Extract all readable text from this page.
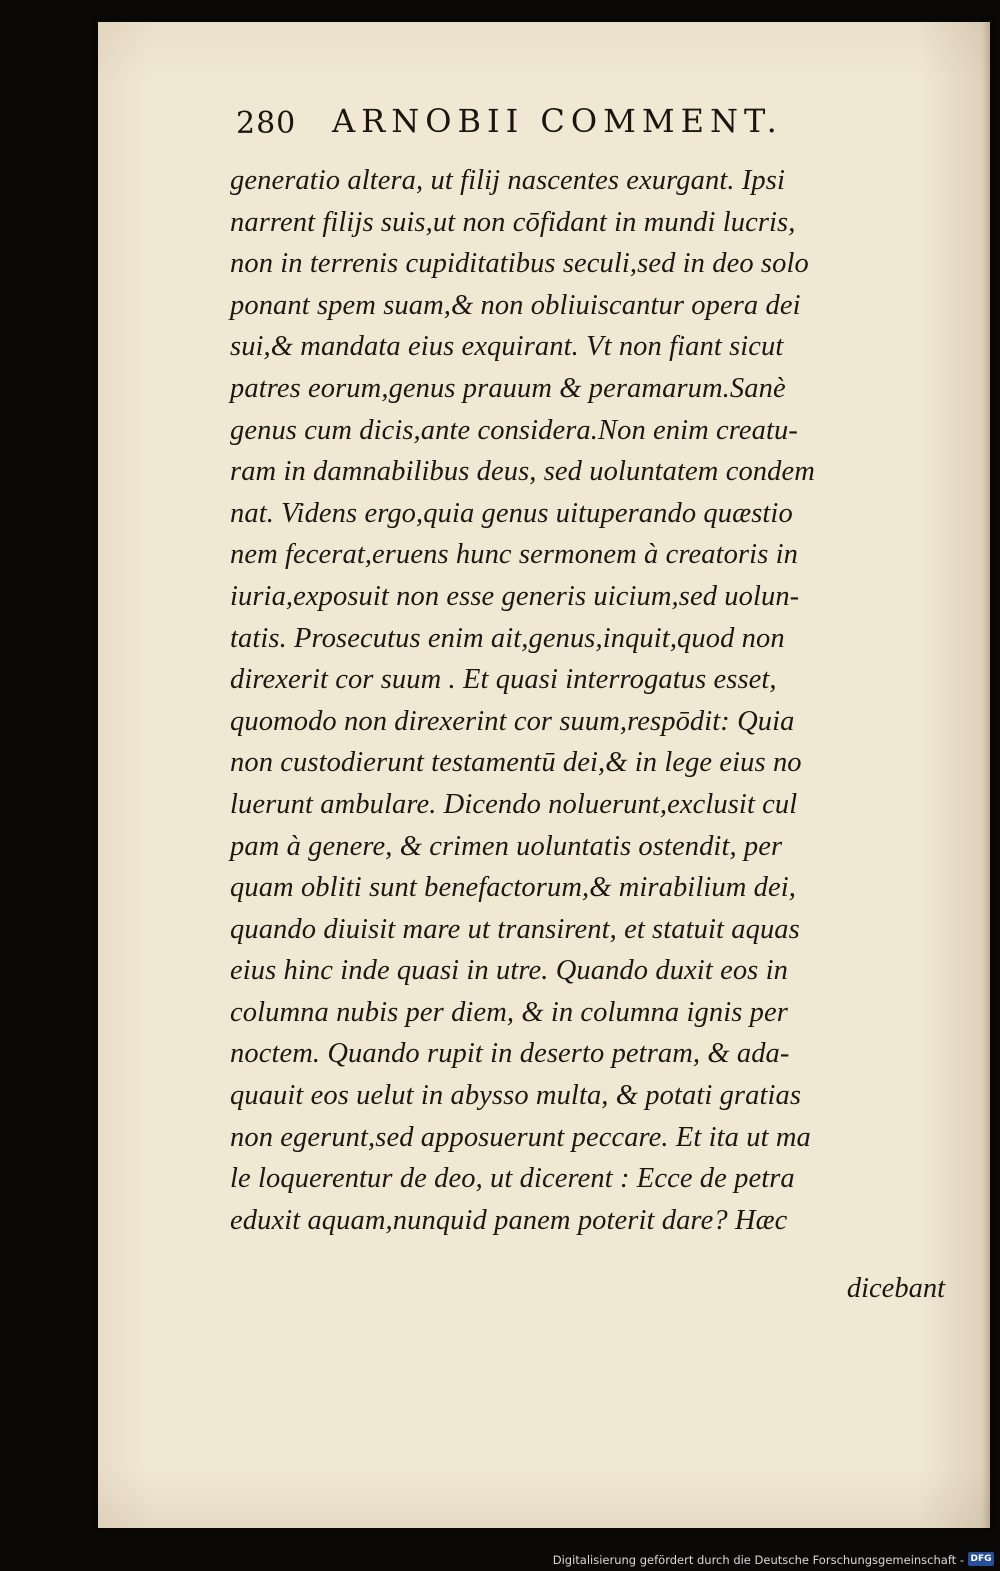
280 ARNOBII COMMENT.
generatio altera, ut filij nascentes exurgant. Ipsi
narrent filijs suis,ut non cōfidant in mundi lucris,
non in terrenis cupiditatibus seculi,sed in deo solo
ponant spem suam,& non obliuiscantur opera dei
sui,& mandata eius exquirant. Vt non fiant sicut
patres eorum,genus prauum & peramarum.Sanè
genus cum dicis,ante considera.Non enim creatu-
ram in damnabilibus deus, sed uoluntatem condem
nat. Videns ergo,quia genus uituperando quæstio
nem fecerat,eruens hunc sermonem à creatoris in
iuria,exposuit non esse generis uicium,sed uolun-
tatis. Prosecutus enim ait,genus,inquit,quod non
direxerit cor suum . Et quasi interrogatus esset,
quomodo non direxerint cor suum,respōdit: Quia
non custodierunt testamentū dei,& in lege eius no
luerunt ambulare. Dicendo noluerunt,exclusit cul
pam à genere, & crimen uoluntatis ostendit, per
quam obliti sunt benefactorum,& mirabilium dei,
quando diuisit mare ut transirent, et statuit aquas
eius hinc inde quasi in utre. Quando duxit eos in
columna nubis per diem, & in columna ignis per
noctem. Quando rupit in deserto petram, & ada-
quauit eos uelut in abysso multa, & potati gratias
non egerunt,sed apposuerunt peccare. Et ita ut ma
le loquerentur de deo, ut dicerent : Ecce de petra
eduxit aquam,nunquid panem poterit dare? Hæc
dicebant
Digitalisierung gefördert durch die Deutsche Forschungsgemeinschaft - DFG
